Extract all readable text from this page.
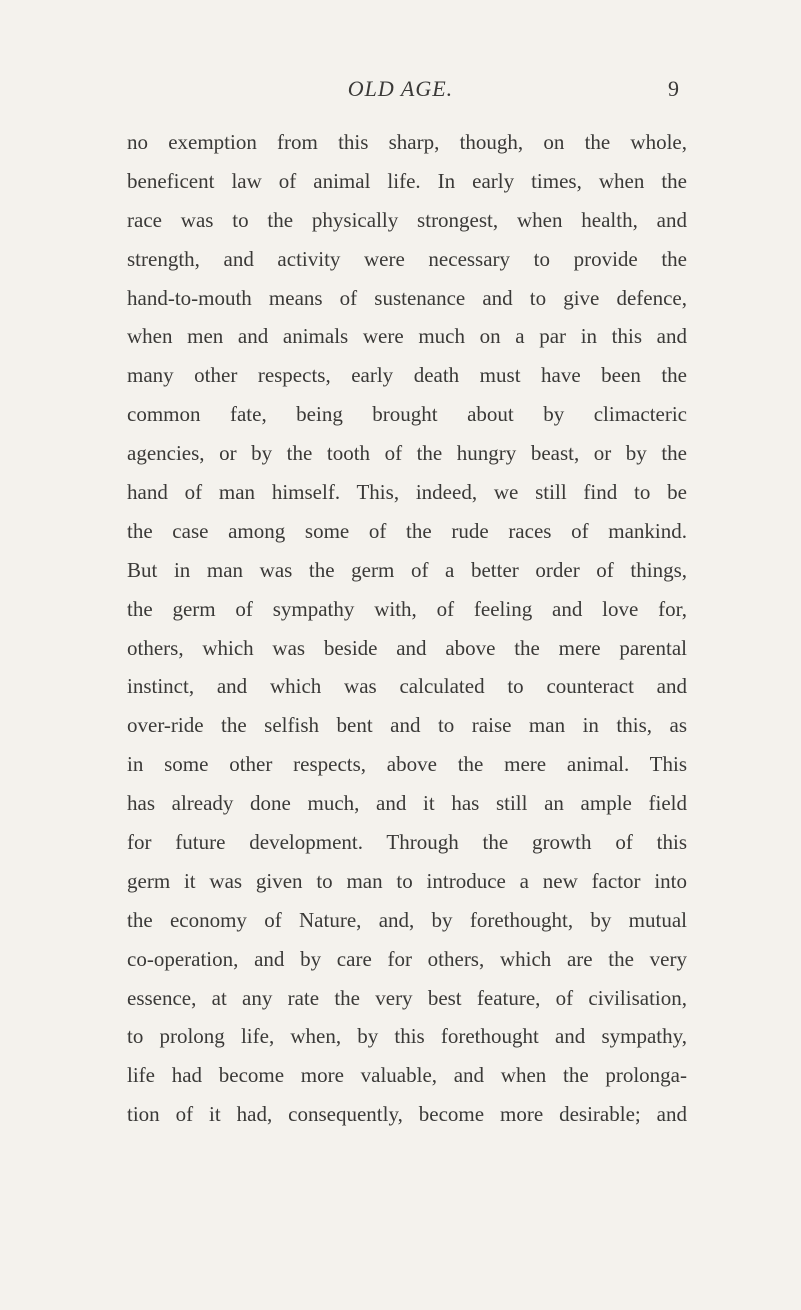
OLD AGE.	9
no exemption from this sharp, though, on the whole,
beneficent law of animal life. In early times, when the
race was to the physically strongest, when health, and
strength, and activity were necessary to provide the
hand-to-mouth means of sustenance and to give defence,
when men and animals were much on a par in this and
many other respects, early death must have been the
common fate, being brought about by climacteric
agencies, or by the tooth of the hungry beast, or by the
hand of man himself. This, indeed, we still find to be
the case among some of the rude races of mankind.
But in man was the germ of a better order of things,
the germ of sympathy with, of feeling and love for,
others, which was beside and above the mere parental
instinct, and which was calculated to counteract and
over-ride the selfish bent and to raise man in this, as
in some other respects, above the mere animal. This
has already done much, and it has still an ample field
for future development. Through the growth of this
germ it was given to man to introduce a new factor into
the economy of Nature, and, by forethought, by mutual
co-operation, and by care for others, which are the very
essence, at any rate the very best feature, of civilisation,
to prolong life, when, by this forethought and sympathy,
life had become more valuable, and when the prolonga-
tion of it had, consequently, become more desirable; and
